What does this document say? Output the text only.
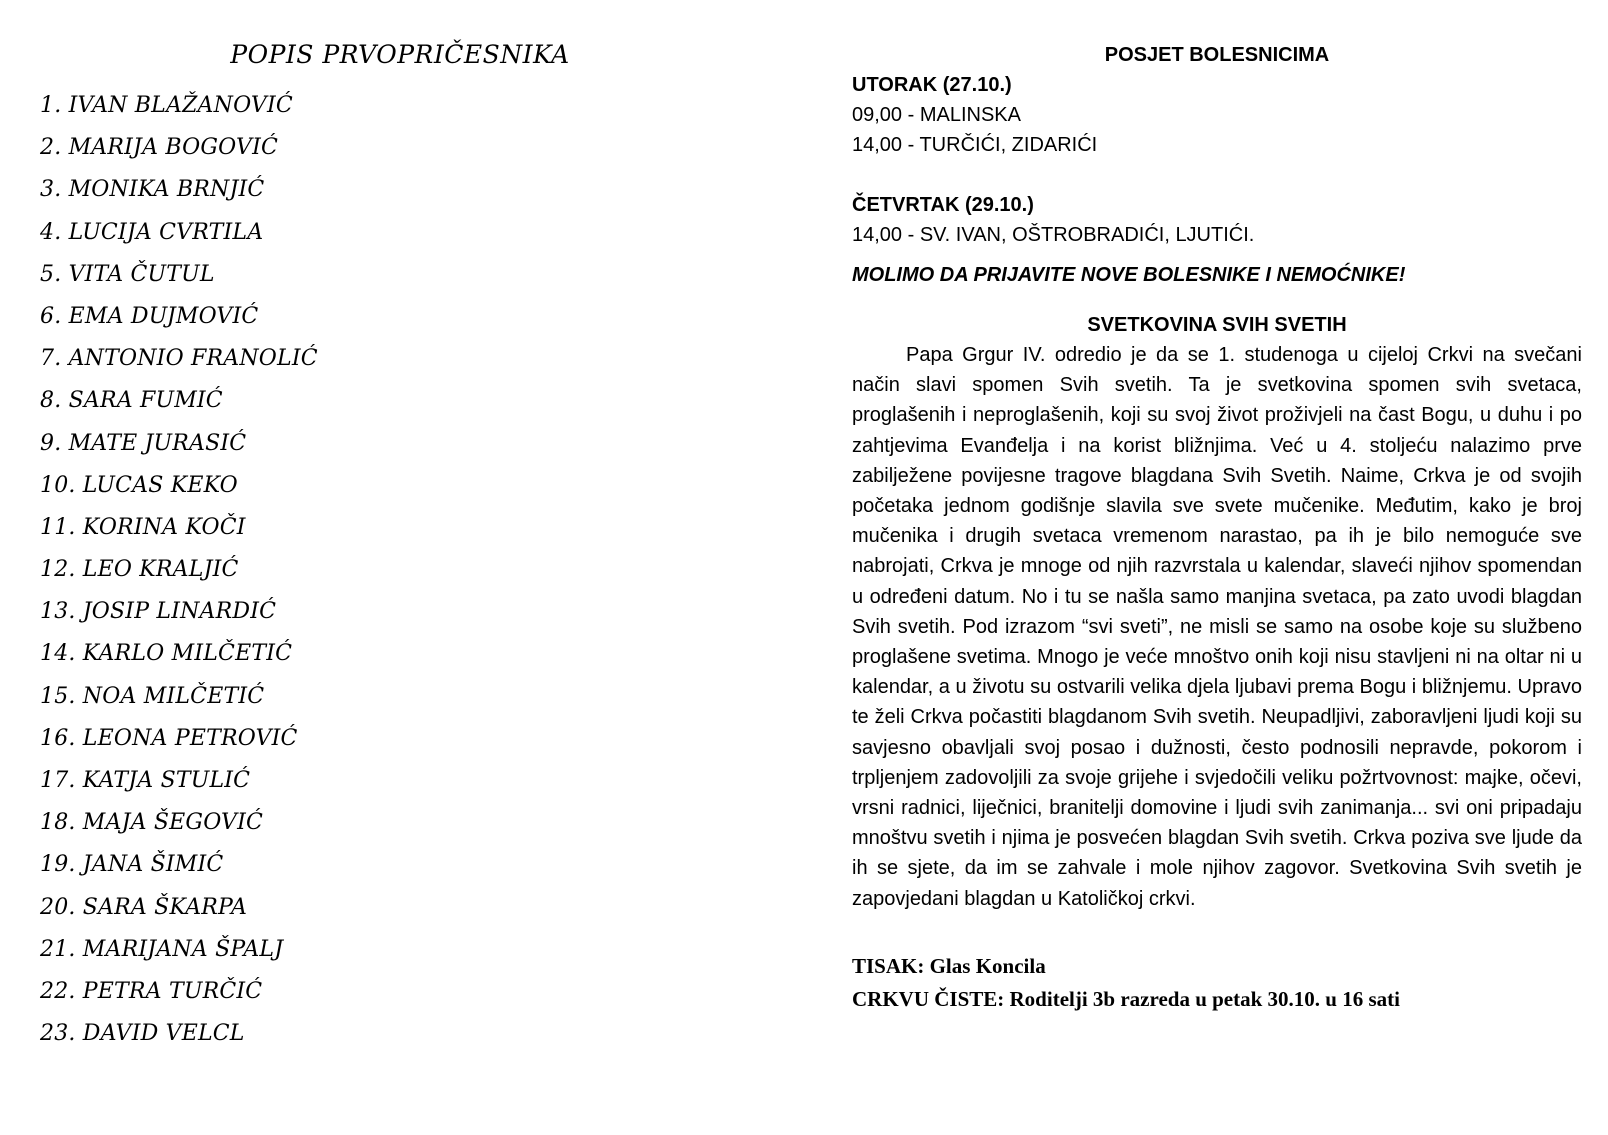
POPIS PRVOPRIČESNIKA
1. IVAN BLAŽANOVIĆ
2. MARIJA BOGOVIĆ
3. MONIKA BRNJIĆ
4. LUCIJA CVRTILA
5. VITA ČUTUL
6. EMA DUJMOVIĆ
7. ANTONIO FRANOLIĆ
8. SARA FUMIĆ
9. MATE JURASIĆ
10. LUCAS KEKO
11. KORINA KOČI
12. LEO KRALJIĆ
13. JOSIP LINARDIĆ
14. KARLO MILČETIĆ
15. NOA MILČETIĆ
16. LEONA PETROVIĆ
17. KATJA STULIĆ
18. MAJA ŠEGOVIĆ
19. JANA ŠIMIĆ
20. SARA ŠKARPA
21. MARIJANA ŠPALJ
22. PETRA TURČIĆ
23. DAVID VELCL
POSJET BOLESNICIMA

UTORAK (27.10.)

09,00 - MALINSKA

14,00 - TURČIĆI, ZIDARIĆI

ČETVRTAK (29.10.)

14,00 - SV. IVAN, OŠTROBRADIĆI, LJUTIĆI.

MOLIMO DA PRIJAVITE NOVE BOLESNIKE I NEMOĆNIKE!

SVETKOVINA SVIH SVETIH

Papa Grgur IV. odredio je da se 1. studenoga u cijeloj Crkvi na svečani način slavi spomen Svih svetih. Ta je svetkovina spomen svih svetaca, proglašenih i neproglašenih, koji su svoj život proživjeli na čast Bogu, u duhu i po zahtjevima Evanđelja i na korist bližnjima. Već u 4. stoljeću nalazimo prve zabilježene povijesne tragove blagdana Svih Svetih. Naime, Crkva je od svojih početaka jednom godišnje slavila sve svete mučenike. Međutim, kako je broj mučenika i drugih svetaca vremenom narastao, pa ih je bilo nemoguće sve nabrojati, Crkva je mnoge od njih razvrstala u kalendar, slaveći njihov spomendan u određeni datum. No i tu se našla samo manjina svetaca, pa zato uvodi blagdan Svih svetih. Pod izrazom “svi sveti”, ne misli se samo na osobe koje su službeno proglašene svetima. Mnogo je veće mnoštvo onih koji nisu stavljeni ni na oltar ni u kalendar, a u životu su ostvarili velika djela ljubavi prema Bogu i bližnjemu. Upravo te želi Crkva počastiti blagdanom Svih svetih. Neupadljivi, zaboravljeni ljudi koji su savjesno obavljali svoj posao i dužnosti, često podnosili nepravde, pokorom i trpljenjem zadovoljili za svoje grijehe i svjedočili veliku požrtvovnost: majke, očevi, vrsni radnici, liječnici, branitelji domovine i ljudi svih zanimanja... svi oni pripadaju mnoštvu svetih i njima je posvećen blagdan Svih svetih. Crkva poziva sve ljude da ih se sjete, da im se zahvale i mole njihov zagovor. Svetkovina Svih svetih je zapovjedani blagdan u Katoličkoj crkvi.

TISAK: Glas Koncila

CRKVU ČISTE: Roditelji 3b razreda u petak 30.10. u 16 sati
